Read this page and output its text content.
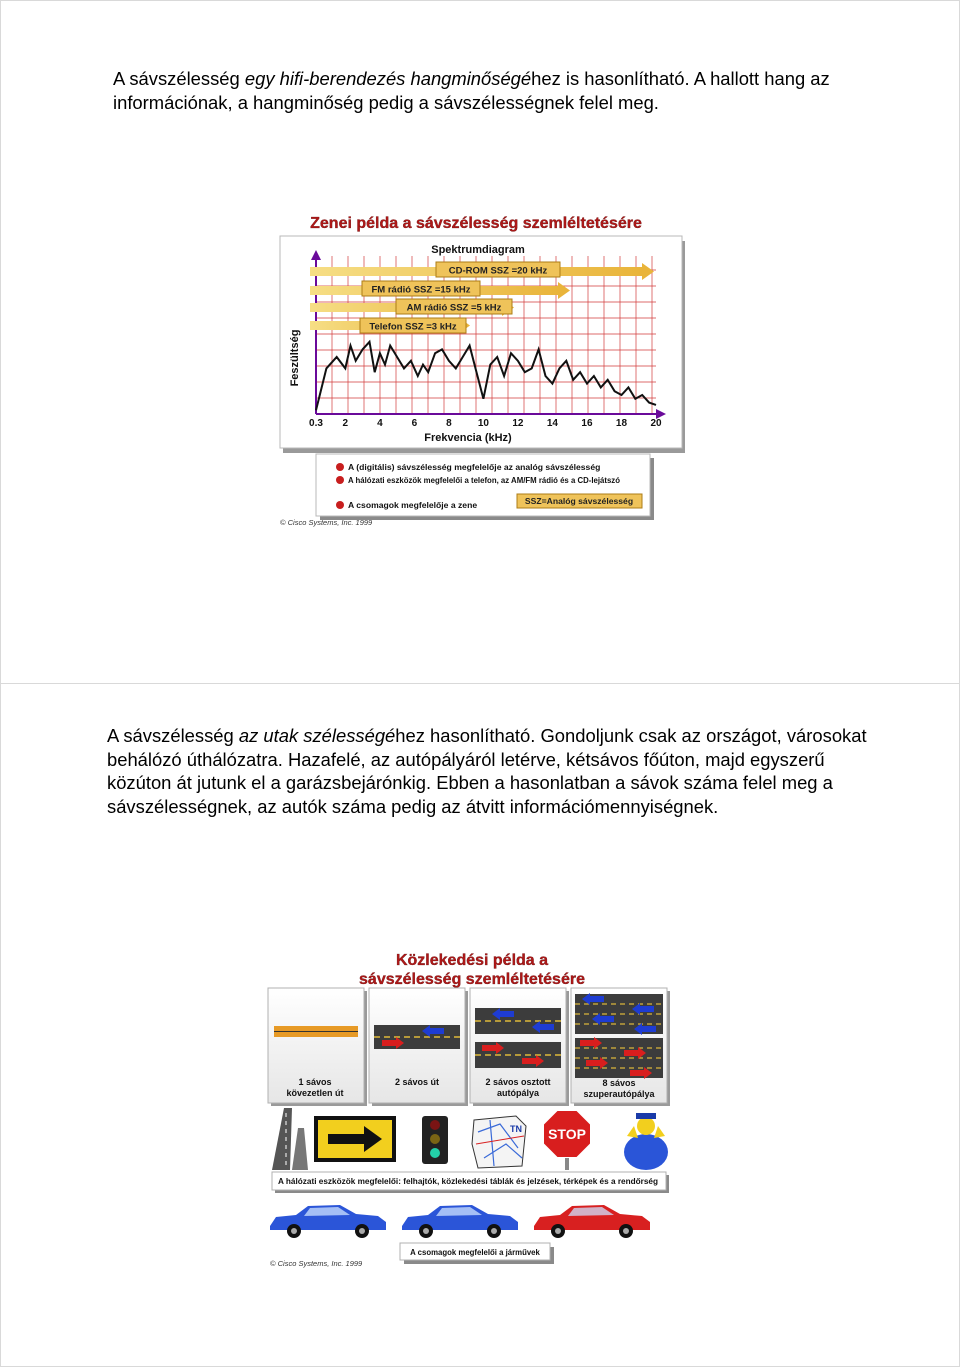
A sávszélesség egy hifi-berendezés hangminőségéhez is hasonlítható. A hallott hang az információnak, a hangminőség pedig a sávszélességnek felel meg.

Zenei példa a sávszélesség szemléltetésére
Spektrumdiagram
Feszültség
CD-ROM SSZ =20 kHz
FM rádió SSZ =15 kHz
AM rádió SSZ =5 kHz
Telefon SSZ =3 kHz
0.3 2	4	6	8	10 12 14 16 18 20
Frekvencia (kHz)
A (digitális) sávszélesség megfelelője az analóg sávszélesség
A hálózati eszközök megfelelői a telefon, az AM/FM rádió és a CD-lejátszó
A csomagok megfelelője a zene	SSZ=Analóg sávszélesség
© Cisco Systems, Inc. 1999

A sávszélesség az utak szélességéhez hasonlítható. Gondoljunk csak az országot, városokat behálózó úthálózatra. Hazafelé, az autópályáról letérve, kétsávos főúton, majd egyszerű közúton át jutunk el a garázsbejárónkig. Ebben a hasonlatban a sávok száma felel meg a sávszélességnek, az autók száma pedig az átvitt információmennyiségnek.

Közlekedési példa a
sávszélesség szemléltetésére
1 sávos
kövezetlen út
2 sávos út	2 sávos osztott
autópálya
8 sávos
szuperautópálya
TN STOP
A hálózati eszközök megfelelői: felhajtók, közlekedési táblák és jelzések, térképek és a rendőrség
A csomagok megfelelői a járművek
© Cisco Systems, Inc. 1999
